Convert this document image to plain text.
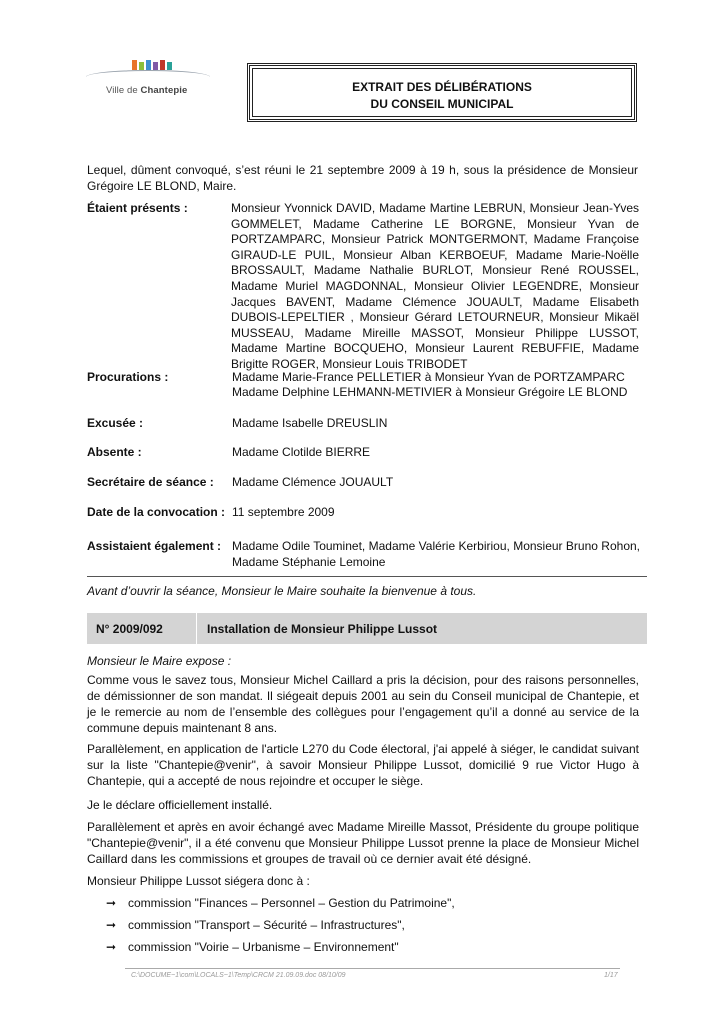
Ville de Chantepie	EXTRAIT DES DÉLIBÉRATIONS
DU CONSEIL MUNICIPAL
Lequel, dûment convoqué, s’est réuni le 21 septembre 2009 à 19 h, sous la présidence de Monsieur Grégoire LE BLOND, Maire.
Étaient présents :	Monsieur Yvonnick DAVID, Madame Martine LEBRUN, Monsieur Jean-Yves GOMMELET, Madame Catherine LE BORGNE, Monsieur Yvan de PORTZAMPARC, Monsieur Patrick MONTGERMONT, Madame Françoise GIRAUD-LE PUIL, Monsieur Alban KERBOEUF, Madame Marie-Noëlle BROSSAULT, Madame Nathalie BURLOT, Monsieur René ROUSSEL, Madame Muriel MAGDONNAL, Monsieur Olivier LEGENDRE, Monsieur Jacques BAVENT, Madame Clémence JOUAULT, Madame Elisabeth DUBOIS-LEPELTIER , Monsieur Gérard LETOURNEUR, Monsieur Mikaël MUSSEAU, Madame Mireille MASSOT, Monsieur Philippe LUSSOT, Madame Martine BOCQUEHO, Monsieur Laurent REBUFFIE, Madame Brigitte ROGER, Monsieur Louis TRIBODET
Procurations :	Madame Marie-France PELLETIER à Monsieur Yvan de PORTZAMPARC
Madame Delphine LEHMANN-METIVIER à Monsieur Grégoire LE BLOND
Excusée :	Madame Isabelle DREUSLIN
Absente :	Madame Clotilde BIERRE
Secrétaire de séance : Madame Clémence JOUAULT
Date de la convocation : 11 septembre 2009
Assistaient également : Madame Odile Touminet, Madame Valérie Kerbiriou, Monsieur Bruno Rohon, Madame Stéphanie Lemoine
Avant d’ouvrir la séance, Monsieur le Maire souhaite la bienvenue à tous.
N° 2009/092	Installation de Monsieur Philippe Lussot
Monsieur le Maire expose :
Comme vous le savez tous, Monsieur Michel Caillard a pris la décision, pour des raisons personnelles, de démissionner de son mandat. Il siégeait depuis 2001 au sein du Conseil municipal de Chantepie, et je le remercie au nom de l’ensemble des collègues pour l’engagement qu’il a donné au service de la commune depuis maintenant 8 ans.
Parallèlement, en application de l'article L270 du Code électoral, j'ai appelé à siéger, le candidat suivant sur la liste "Chantepie@venir", à savoir Monsieur Philippe Lussot, domicilié 9 rue Victor Hugo à Chantepie, qui a accepté de nous rejoindre et occuper le siège.
Je le déclare officiellement installé.
Parallèlement et après en avoir échangé avec Madame Mireille Massot, Présidente du groupe politique "Chantepie@venir", il a été convenu que Monsieur Philippe Lussot prenne la place de Monsieur Michel Caillard dans les commissions et groupes de travail où ce dernier avait été désigné.
Monsieur Philippe Lussot siégera donc à :
➞ commission "Finances – Personnel – Gestion du Patrimoine",
➞ commission "Transport – Sécurité – Infrastructures",
➞ commission "Voirie – Urbanisme – Environnement"
C:\DOCUME~1\com\LOCALS~1\Temp\CRCM 21.09.09.doc 08/10/09	1/17
